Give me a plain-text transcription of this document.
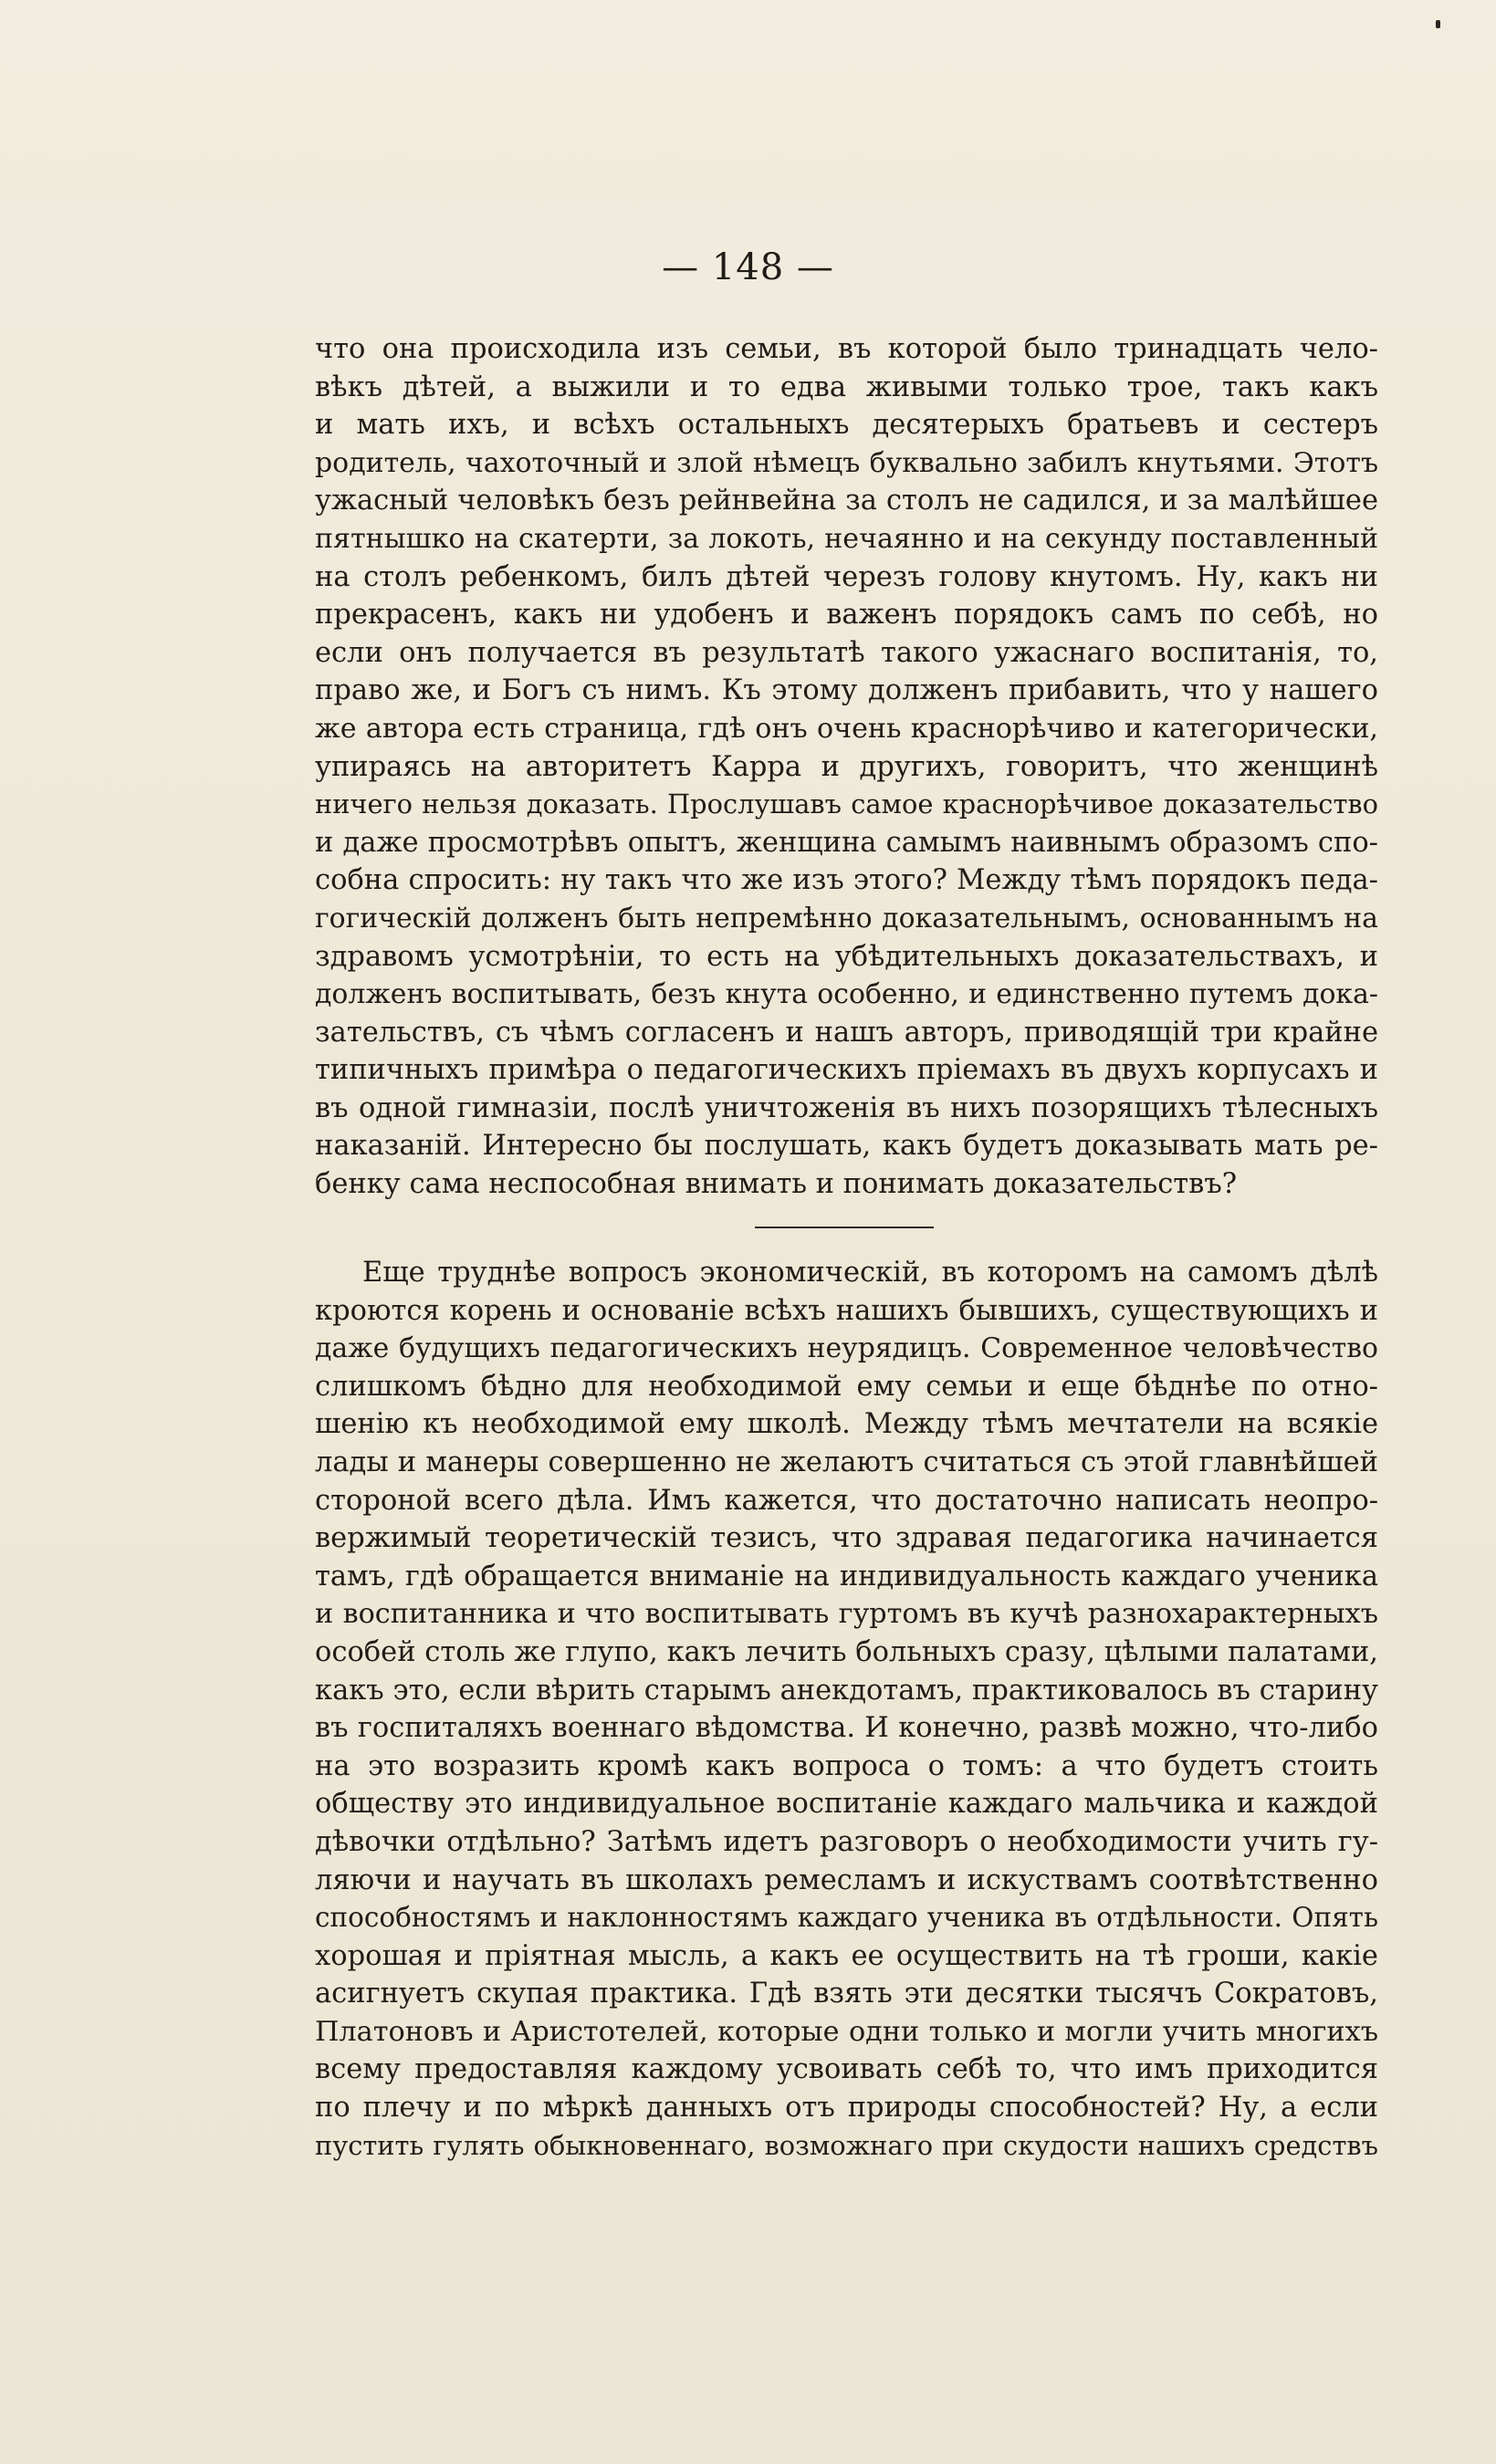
— 148 —
что она происходила изъ семьи, въ которой было тринадцать чело-
вѣкъ дѣтей, а выжили и то едва живыми только трое, такъ какъ
и мать ихъ, и всѣхъ остальныхъ десятерыхъ братьевъ и сестеръ
родитель, чахоточный и злой нѣмецъ буквально забилъ кнутьями. Этотъ
ужасный человѣкъ безъ рейнвейна за столъ не садился, и за малѣйшее
пятнышко на скатерти, за локоть, нечаянно и на секунду поставленный
на столъ ребенкомъ, билъ дѣтей черезъ голову кнутомъ. Ну, какъ ни
прекрасенъ, какъ ни удобенъ и важенъ порядокъ самъ по себѣ, но
если онъ получается въ результатѣ такого ужаснаго воспитанія, то,
право же, и Богъ съ нимъ. Къ этому долженъ прибавить, что у нашего
же автора есть страница, гдѣ онъ очень краснорѣчиво и категорически,
упираясь на авторитетъ Карра и другихъ, говоритъ, что женщинѣ
ничего нельзя доказать. Прослушавъ самое краснорѣчивое доказательство
и даже просмотрѣвъ опытъ, женщина самымъ наивнымъ образомъ спо-
собна спросить: ну такъ что же изъ этого? Между тѣмъ порядокъ педа-
гогическій долженъ быть непремѣнно доказательнымъ, основаннымъ на
здравомъ усмотрѣніи, то есть на убѣдительныхъ доказательствахъ, и
долженъ воспитывать, безъ кнута особенно, и единственно путемъ дока-
зательствъ, съ чѣмъ согласенъ и нашъ авторъ, приводящій три крайне
типичныхъ примѣра о педагогическихъ пріемахъ въ двухъ корпусахъ и
въ одной гимназіи, послѣ уничтоженія въ нихъ позорящихъ тѣлесныхъ
наказаній. Интересно бы послушать, какъ будетъ доказывать мать ре-
бенку сама неспособная внимать и понимать доказательствъ?
Еще труднѣе вопросъ экономическій, въ которомъ на самомъ дѣлѣ
кроются корень и основаніе всѣхъ нашихъ бывшихъ, существующихъ и
даже будущихъ педагогическихъ неурядицъ. Современное человѣчество
слишкомъ бѣдно для необходимой ему семьи и еще бѣднѣе по отно-
шенію къ необходимой ему школѣ. Между тѣмъ мечтатели на всякіе
лады и манеры совершенно не желаютъ считаться съ этой главнѣйшей
стороной всего дѣла. Имъ кажется, что достаточно написать неопро-
вержимый теоретическій тезисъ, что здравая педагогика начинается
тамъ, гдѣ обращается вниманіе на индивидуальность каждаго ученика
и воспитанника и что воспитывать гуртомъ въ кучѣ разнохарактерныхъ
особей столь же глупо, какъ лечить больныхъ сразу, цѣлыми палатами,
какъ это, если вѣрить старымъ анекдотамъ, практиковалось въ старину
въ госпиталяхъ военнаго вѣдомства. И конечно, развѣ можно, что-либо
на это возразить кромѣ какъ вопроса о томъ: а что будетъ стоить
обществу это индивидуальное воспитаніе каждаго мальчика и каждой
дѣвочки отдѣльно? Затѣмъ идетъ разговоръ о необходимости учить гу-
ляючи и научать въ школахъ ремесламъ и искуствамъ соотвѣтственно
способностямъ и наклонностямъ каждаго ученика въ отдѣльности. Опять
хорошая и пріятная мысль, а какъ ее осуществить на тѣ гроши, какіе
асигнуетъ скупая практика. Гдѣ взять эти десятки тысячъ Сократовъ,
Платоновъ и Аристотелей, которые одни только и могли учить многихъ
всему предоставляя каждому усвоивать себѣ то, что имъ приходится
по плечу и по мѣркѣ данныхъ отъ природы способностей? Ну, а если
пустить гулять обыкновеннаго, возможнаго при скудости нашихъ средствъ
